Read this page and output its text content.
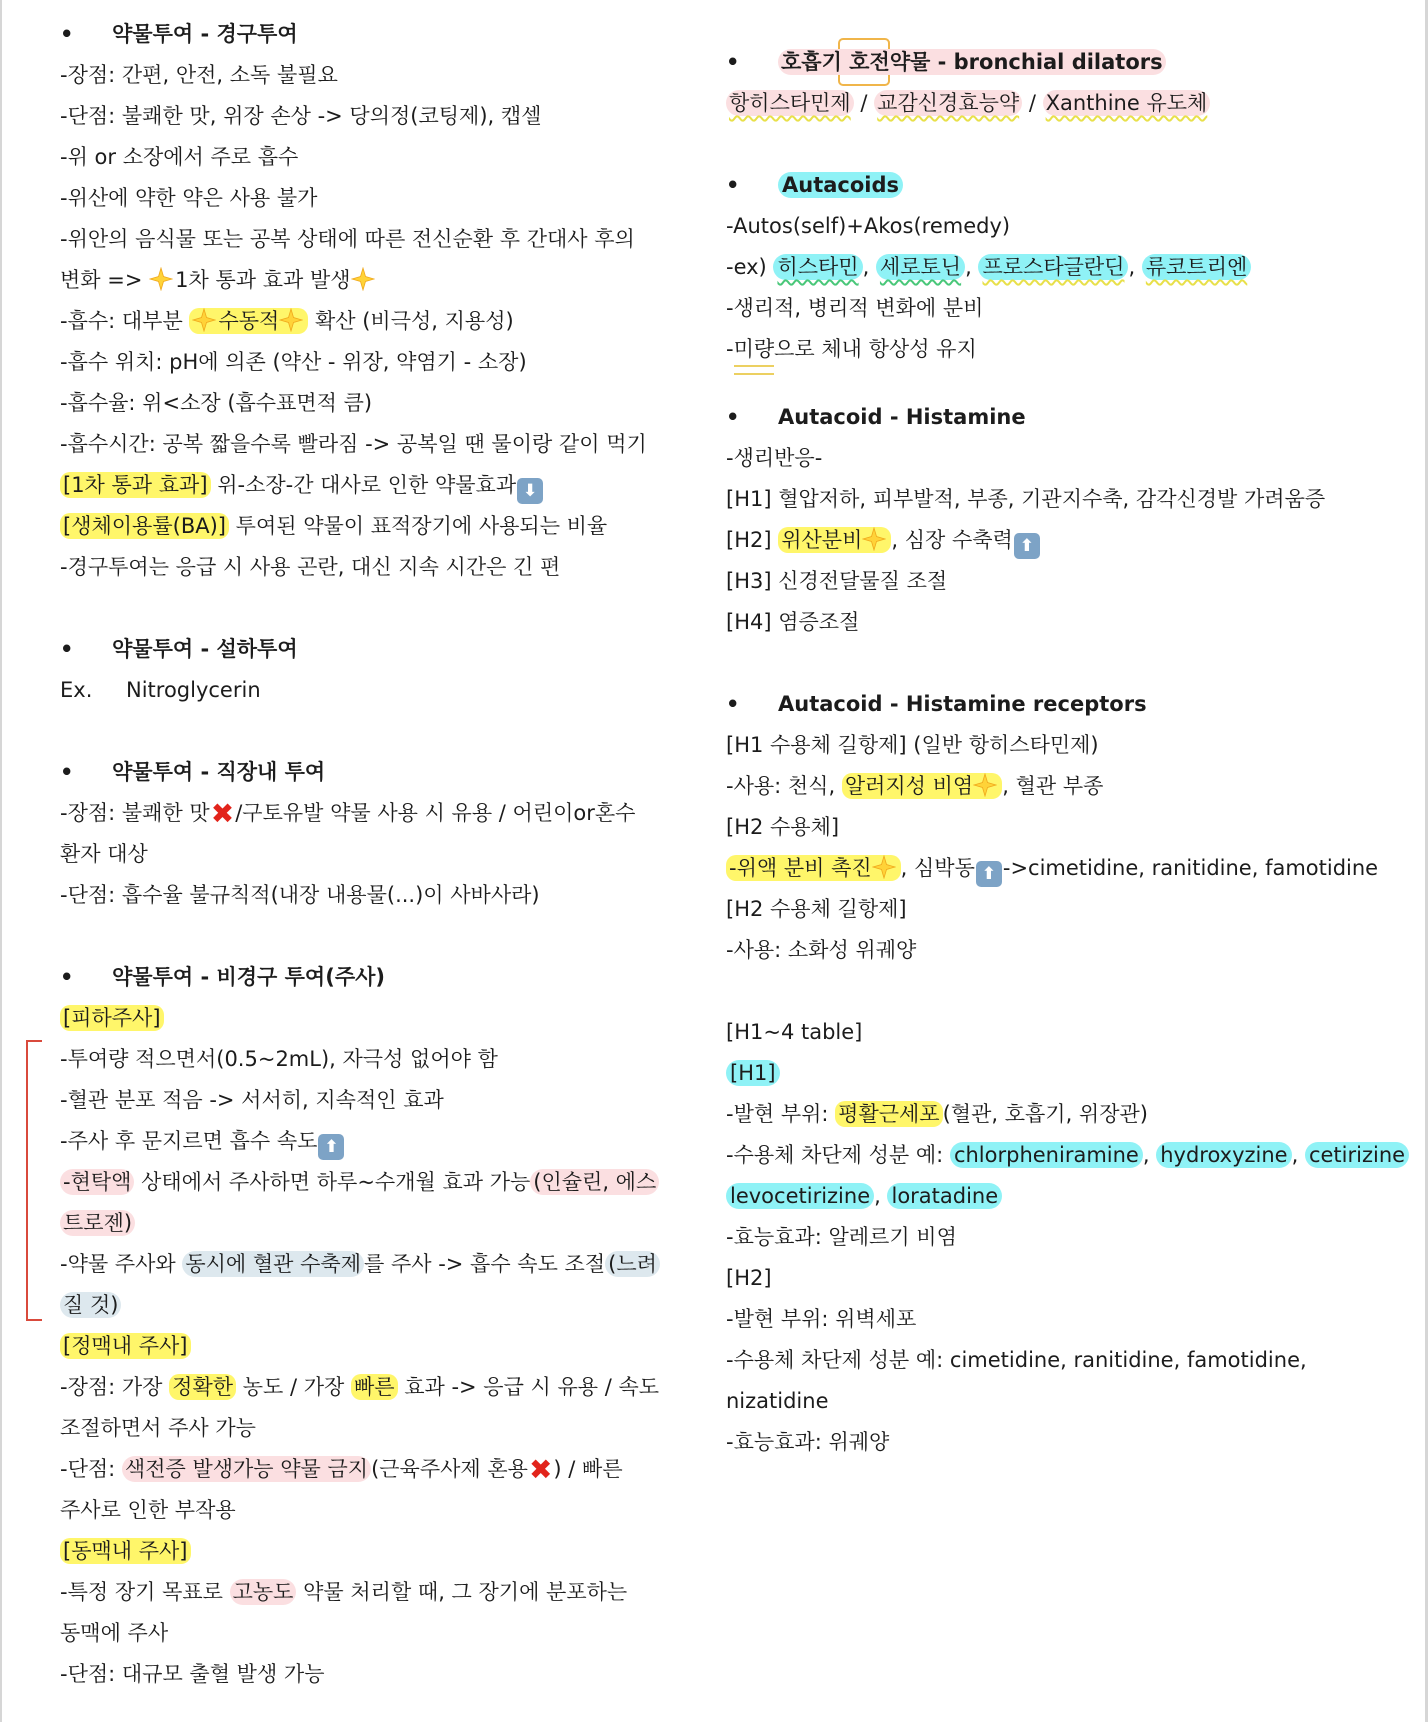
• 약물투여 - 경구투여
-장점: 간편, 안전, 소독 불필요
-단점: 불쾌한 맛, 위장 손상 -> 당의정(코팅제), 캡셀
-위 or 소장에서 주로 흡수
-위산에 약한 약은 사용 불가
-위안의 음식물 또는 공복 상태에 따른 전신순환 후 간대사 후의
변화 => 1차 통과 효과 발생
-흡수: 대부분 수동적 확산 (비극성, 지용성)
-흡수 위치: pH에 의존 (약산 - 위장, 약염기 - 소장)
-흡수율: 위<소장 (흡수표면적 큼)
-흡수시간: 공복 짧을수록 빨라짐 -> 공복일 땐 물이랑 같이 먹기
[1차 통과 효과] 위-소장-간 대사로 인한 약물효과 ⬇
[생체이용률(BA)] 투여된 약물이 표적장기에 사용되는 비율
-경구투여는 응급 시 사용 곤란, 대신 지속 시간은 긴 편
• 약물투여 - 설하투여
Ex. Nitroglycerin
• 약물투여 - 직장내 투여
-장점: 불쾌한 맛✖/구토유발 약물 사용 시 유용 / 어린이or혼수
환자 대상
-단점: 흡수율 불규칙적(내장 내용물(...)이 사바사라)
• 약물투여 - 비경구 투여(주사)
[피하주사]
-투여량 적으면서(0.5~2mL), 자극성 없어야 함
-혈관 분포 적음 -> 서서히, 지속적인 효과
-주사 후 문지르면 흡수 속도 ⬆
-현탁액 상태에서 주사하면 하루~수개월 효과 가능 (인슐린, 에스
트로젠)
-약물 주사와 동시에 혈관 수축제 를 주사 -> 흡수 속도 조절 (느려
질 것)
[정맥내 주사]
-장점: 가장 정확한 농도 / 가장 빠른 효과 -> 응급 시 유용 / 속도
조절하면서 주사 가능
-단점: 색전증 발생가능 약물 금지 (근육주사제 혼용✖) / 빠른
주사로 인한 부작용
[동맥내 주사]
-특정 장기 목표로 고농도 약물 처리할 때, 그 장기에 분포하는
동맥에 주사
-단점: 대규모 출혈 발생 가능
• 호흡기 호전약물 - bronchial dilators
항히스타민제 / 교감신경효능약 / Xanthine 유도체
• Autacoids
-Autos(self)+Akos(remedy)
-ex) 히스타민 , 세로토닌 , 프로스타글란딘 , 류코트리엔
-생리적, 병리적 변화에 분비
-미량으로 체내 항상성 유지
• Autacoid - Histamine
-생리반응-
[H1] 혈압저하, 피부발적, 부종, 기관지수축, 감각신경발 가려움증
[H2] 위산분비 , 심장 수축력 ⬆
[H3] 신경전달물질 조절
[H4] 염증조절
• Autacoid - Histamine receptors
[H1 수용체 길항제] (일반 항히스타민제)
-사용: 천식, 알러지성 비염 , 혈관 부종
[H2 수용체]
-위액 분비 촉진 , 심박동 ⬆ ->cimetidine, ranitidine, famotidine
[H2 수용체 길항제]
-사용: 소화성 위궤양
[H1~4 table]
[H1]
-발현 부위: 평활근세포 (혈관, 호흡기, 위장관)
-수용체 차단제 성분 예: chlorpheniramine , hydroxyzine , cetirizine
levocetirizine , loratadine
-효능효과: 알레르기 비염
[H2]
-발현 부위: 위벽세포
-수용체 차단제 성분 예: cimetidine, ranitidine, famotidine,
nizatidine
-효능효과: 위궤양
